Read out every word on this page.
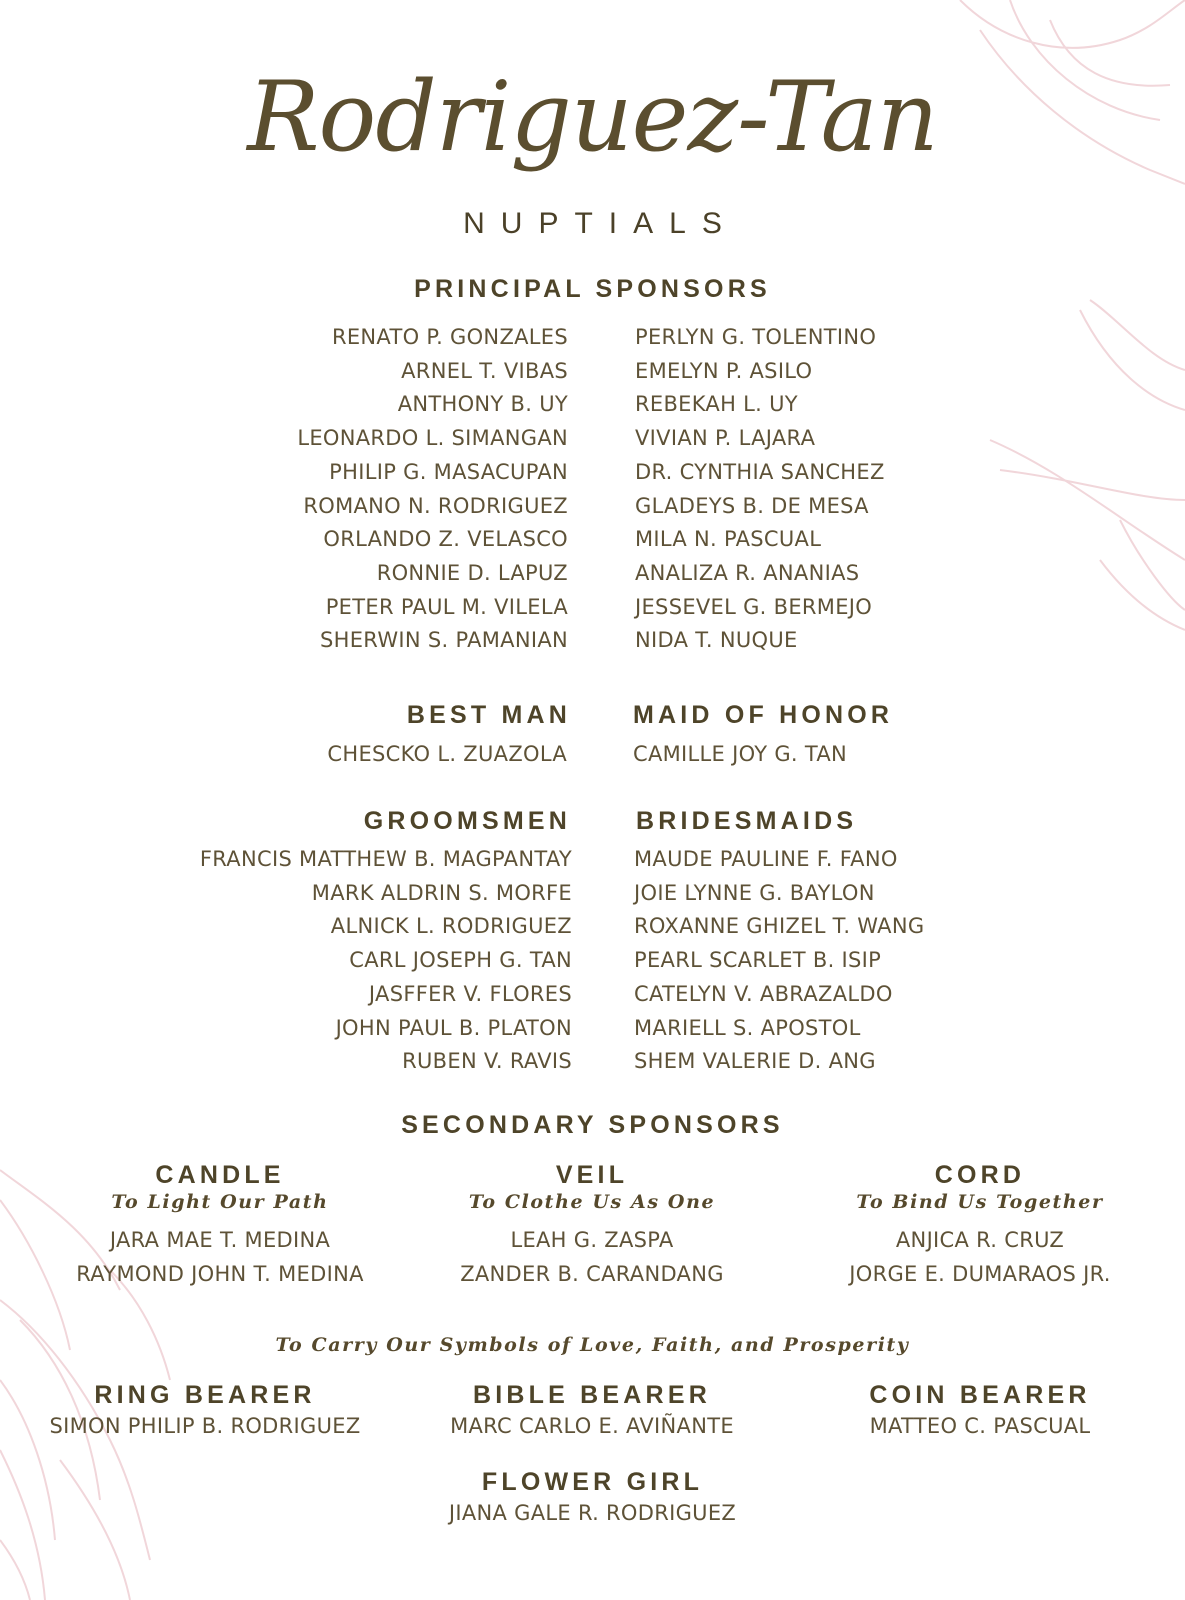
Rodriguez-Tan
NUPTIALS
PRINCIPAL SPONSORS
RENATO P. GONZALES
ARNEL T. VIBAS
ANTHONY B. UY
LEONARDO L. SIMANGAN
PHILIP G. MASACUPAN
ROMANO N. RODRIGUEZ
ORLANDO Z. VELASCO
RONNIE D. LAPUZ
PETER PAUL M. VILELA
SHERWIN S. PAMANIAN
PERLYN G. TOLENTINO
EMELYN P. ASILO
REBEKAH L. UY
VIVIAN P. LAJARA
DR. CYNTHIA SANCHEZ
GLADEYS B. DE MESA
MILA N. PASCUAL
ANALIZA R. ANANIAS
JESSEVEL G. BERMEJO
NIDA T. NUQUE
BEST MAN
CHESCKO L. ZUAZOLA
MAID OF HONOR
CAMILLE JOY G. TAN
GROOMSMEN
FRANCIS MATTHEW B. MAGPANTAY
MARK ALDRIN S. MORFE
ALNICK L. RODRIGUEZ
CARL JOSEPH G. TAN
JASFFER V. FLORES
JOHN PAUL B. PLATON
RUBEN V. RAVIS
BRIDESMAIDS
MAUDE PAULINE F. FANO
JOIE LYNNE G. BAYLON
ROXANNE GHIZEL T. WANG
PEARL SCARLET B. ISIP
CATELYN V. ABRAZALDO
MARIELL S. APOSTOL
SHEM VALERIE D. ANG
SECONDARY SPONSORS
CANDLE
To Light Our Path
JARA MAE T. MEDINA
RAYMOND JOHN T. MEDINA
VEIL
To Clothe Us As One
LEAH G. ZASPA
ZANDER B. CARANDANG
CORD
To Bind Us Together
ANJICA R. CRUZ
JORGE E. DUMARAOS JR.
To Carry Our Symbols of Love, Faith, and Prosperity
RING BEARER
SIMON PHILIP B. RODRIGUEZ
BIBLE BEARER
MARC CARLO E. AVIÑANTE
COIN BEARER
MATTEO C. PASCUAL
FLOWER GIRL
JIANA GALE R. RODRIGUEZ
